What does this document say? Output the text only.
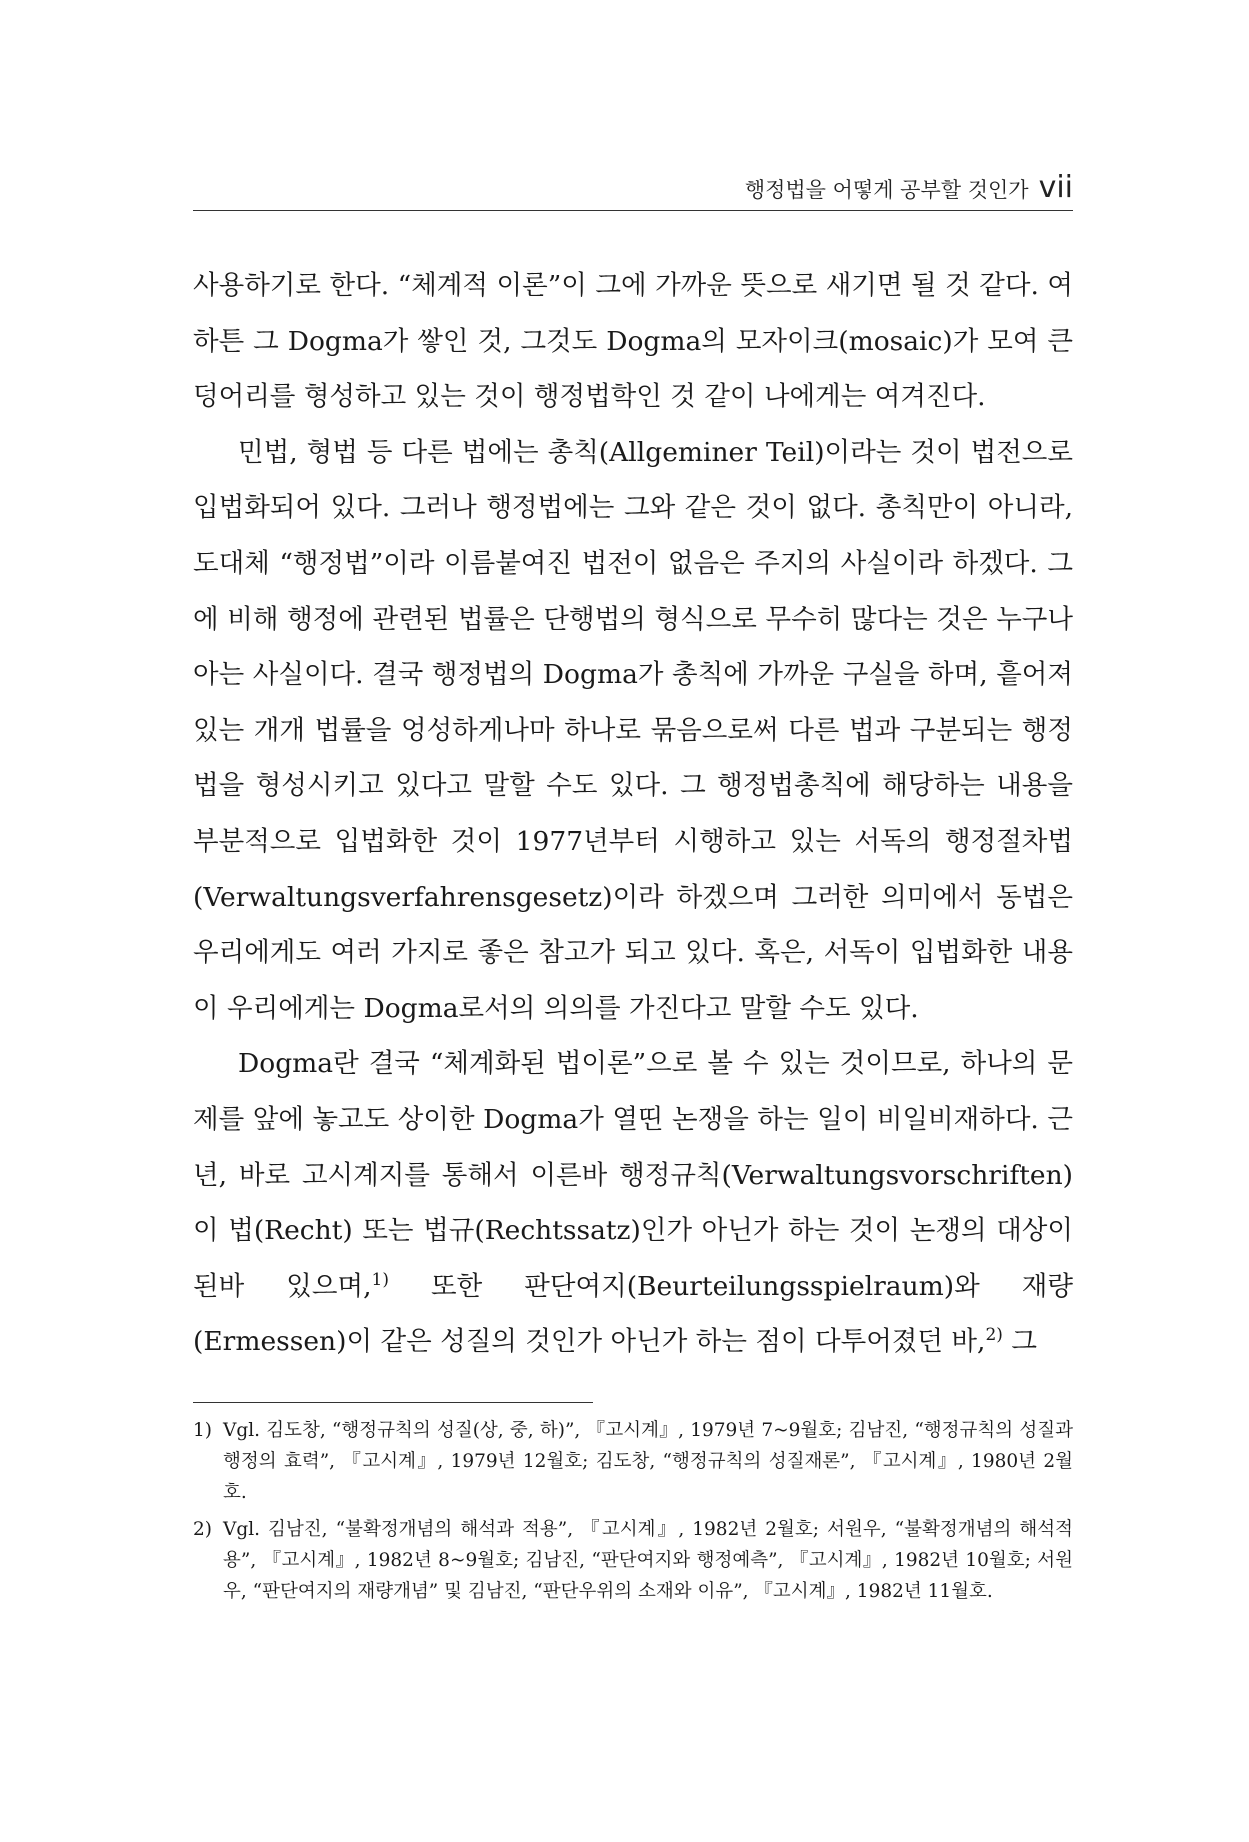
행정법을 어떻게 공부할 것인가 vii

사용하기로 한다. “체계적 이론”이 그에 가까운 뜻으로 새기면 될 것 같다. 여하튼 그 Dogma가 쌓인 것, 그것도 Dogma의 모자이크(mosaic)가 모여 큰 덩어리를 형성하고 있는 것이 행정법학인 것 같이 나에게는 여겨진다.

민법, 형법 등 다른 법에는 총칙(Allgeminer Teil)이라는 것이 법전으로 입법화되어 있다. 그러나 행정법에는 그와 같은 것이 없다. 총칙만이 아니라, 도대체 “행정법”이라 이름붙여진 법전이 없음은 주지의 사실이라 하겠다. 그에 비해 행정에 관련된 법률은 단행법의 형식으로 무수히 많다는 것은 누구나 아는 사실이다. 결국 행정법의 Dogma가 총칙에 가까운 구실을 하며, 흩어져있는 개개 법률을 엉성하게나마 하나로 묶음으로써 다른 법과 구분되는 행정법을 형성시키고 있다고 말할 수도 있다. 그 행정법총칙에 해당하는 내용을 부분적으로 입법화한 것이 1977년부터 시행하고 있는 서독의 행정절차법(Verwaltungsverfahrensgesetz)이라 하겠으며 그러한 의미에서 동법은 우리에게도 여러 가지로 좋은 참고가 되고 있다. 혹은, 서독이 입법화한 내용이 우리에게는 Dogma로서의 의의를 가진다고 말할 수도 있다.

Dogma란 결국 “체계화된 법이론”으로 볼 수 있는 것이므로, 하나의 문제를 앞에 놓고도 상이한 Dogma가 열띤 논쟁을 하는 일이 비일비재하다. 근년, 바로 고시계지를 통해서 이른바 행정규칙(Verwaltungsvorschriften)이 법(Recht) 또는 법규(Rechtssatz)인가 아닌가 하는 것이 논쟁의 대상이 된바 있으며,$^{1)}$ 또한 판단여지(Beurteilungsspielraum)와 재량(Ermessen)이 같은 성질의 것인가 아닌가 하는 점이 다투어졌던 바,$^{2)}$ 그

1) Vgl. 김도창, “행정규칙의 성질(상, 중, 하)”, 『고시계』, 1979년 7~9월호; 김남진, “행정규칙의 성질과 행정의 효력”, 『고시계』, 1979년 12월호; 김도창, “행정규칙의 성질재론”, 『고시계』, 1980년 2월호.
2) Vgl. 김남진, “불확정개념의 해석과 적용”, 『고시계』, 1982년 2월호; 서원우, “불확정개념의 해석적용”, 『고시계』, 1982년 8~9월호; 김남진, “판단여지와 행정예측”, 『고시계』, 1982년 10월호; 서원우, “판단여지의 재량개념” 및 김남진, “판단우위의 소재와 이유”, 『고시계』, 1982년 11월호.
